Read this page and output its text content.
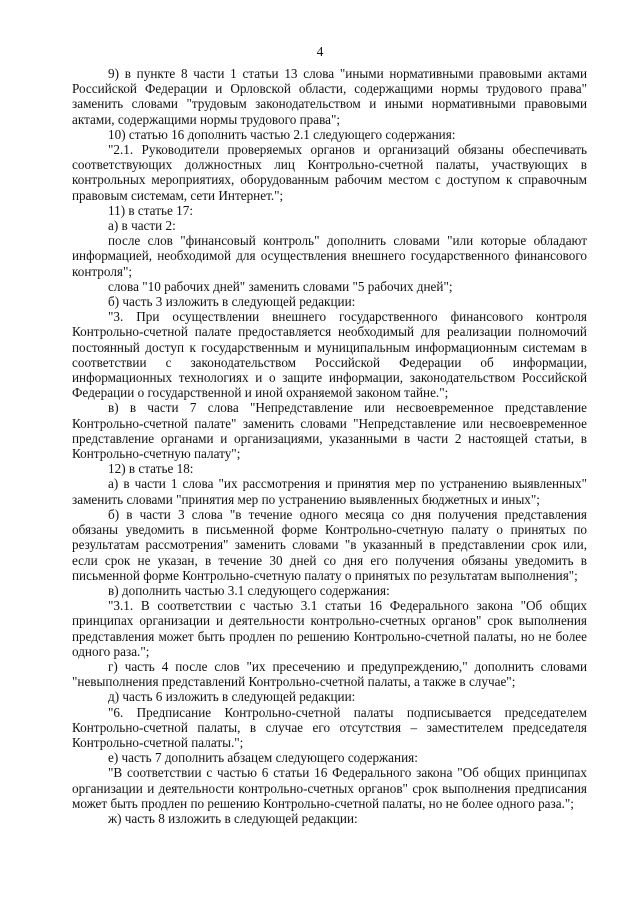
4

9) в пункте 8 части 1 статьи 13 слова "иными нормативными правовыми актами Российской Федерации и Орловской области, содержащими нормы трудового права" заменить словами "трудовым законодательством и иными нормативными правовыми актами, содержащими нормы трудового права";

10) статью 16 дополнить частью 2.1 следующего содержания:

"2.1. Руководители проверяемых органов и организаций обязаны обеспечивать соответствующих должностных лиц Контрольно-счетной палаты, участвующих в контрольных мероприятиях, оборудованным рабочим местом с доступом к справочным правовым системам, сети Интернет.";

11) в статье 17:

а) в части 2:

после слов "финансовый контроль" дополнить словами "или которые обладают информацией, необходимой для осуществления внешнего государственного финансового контроля";

слова "10 рабочих дней" заменить словами "5 рабочих дней";

б) часть 3 изложить в следующей редакции:

"3. При осуществлении внешнего государственного финансового контроля Контрольно-счетной палате предоставляется необходимый для реализации полномочий постоянный доступ к государственным и муниципальным информационным системам в соответствии с законодательством Российской Федерации об информации, информационных технологиях и о защите информации, законодательством Российской Федерации о государственной и иной охраняемой законом тайне.";

в) в части 7 слова "Непредставление или несвоевременное представление Контрольно-счетной палате" заменить словами "Непредставление или несвоевременное представление органами и организациями, указанными в части 2 настоящей статьи, в Контрольно-счетную палату";

12) в статье 18:

а) в части 1 слова "их рассмотрения и принятия мер по устранению выявленных" заменить словами "принятия мер по устранению выявленных бюджетных и иных";

б) в части 3 слова "в течение одного месяца со дня получения представления обязаны уведомить в письменной форме Контрольно-счетную палату о принятых по результатам рассмотрения" заменить словами "в указанный в представлении срок или, если срок не указан, в течение 30 дней со дня его получения обязаны уведомить в письменной форме Контрольно-счетную палату о принятых по результатам выполнения";

в) дополнить частью 3.1 следующего содержания:

"3.1. В соответствии с частью 3.1 статьи 16 Федерального закона "Об общих принципах организации и деятельности контрольно-счетных органов" срок выполнения представления может быть продлен по решению Контрольно-счетной палаты, но не более одного раза.";

г) часть 4 после слов "их пресечению и предупреждению," дополнить словами "невыполнения представлений Контрольно-счетной палаты, а также в случае";

д) часть 6 изложить в следующей редакции:

"6. Предписание Контрольно-счетной палаты подписывается председателем Контрольно-счетной палаты, в случае его отсутствия – заместителем председателя Контрольно-счетной палаты.";

е) часть 7 дополнить абзацем следующего содержания:

"В соответствии с частью 6 статьи 16 Федерального закона "Об общих принципах организации и деятельности контрольно-счетных органов" срок выполнения предписания может быть продлен по решению Контрольно-счетной палаты, но не более одного раза.";

ж) часть 8 изложить в следующей редакции:
